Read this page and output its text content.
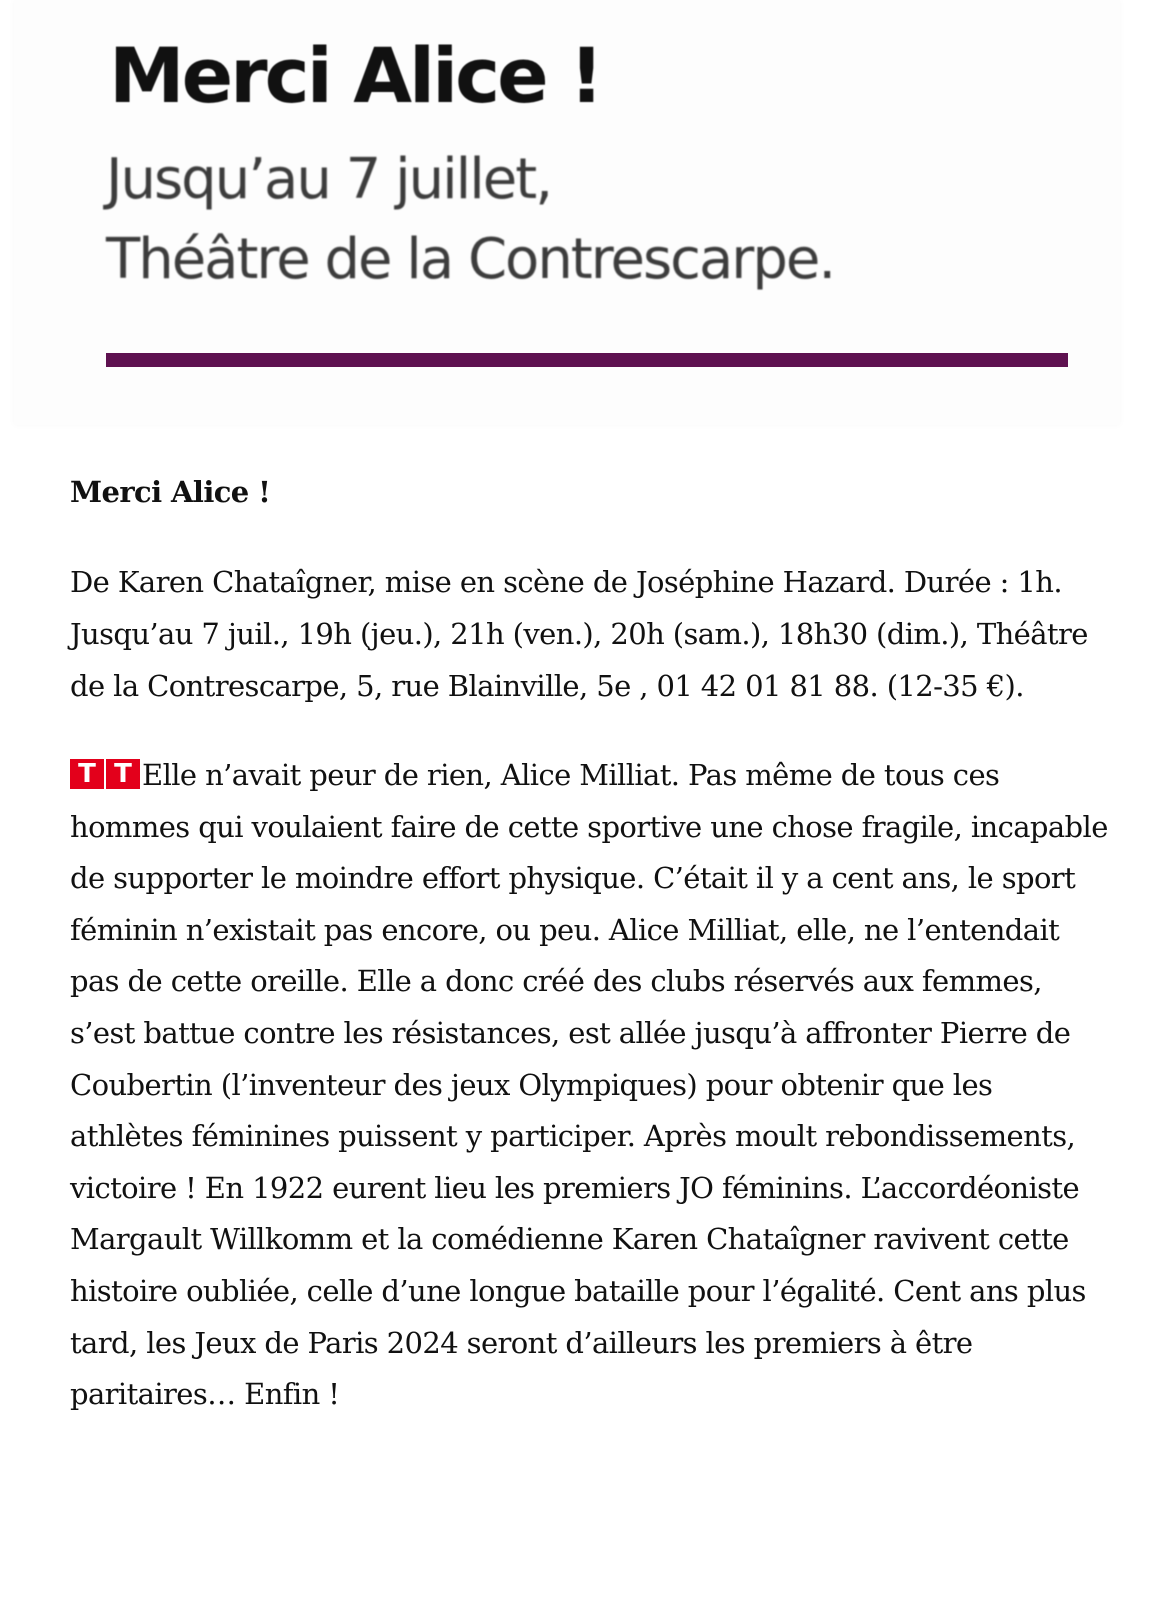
Merci Alice !

Jusqu’au 7 juillet,

Théâtre de la Contrescarpe.

Merci Alice !

De Karen Chataîgner, mise en scène de Joséphine Hazard. Durée : 1h. Jusqu’au 7 juil., 19h (jeu.), 21h (ven.), 20h (sam.), 18h30 (dim.), Théâtre de la Contrescarpe, 5, rue Blainville, 5e , 01 42 01 81 88. (12-35 €).

T T Elle n’avait peur de rien, Alice Milliat. Pas même de tous ces hommes qui voulaient faire de cette sportive une chose fragile, incapable de supporter le moindre effort physique. C’était il y a cent ans, le sport féminin n’existait pas encore, ou peu. Alice Milliat, elle, ne l’entendait pas de cette oreille. Elle a donc créé des clubs réservés aux femmes, s’est battue contre les résistances, est allée jusqu’à affronter Pierre de Coubertin (l’inventeur des jeux Olympiques) pour obtenir que les athlètes féminines puissent y participer. Après moult rebondissements, victoire ! En 1922 eurent lieu les premiers JO féminins. L’accordéoniste Margault Willkomm et la comédienne Karen Chataîgner ravivent cette histoire oubliée, celle d’une longue bataille pour l’égalité. Cent ans plus tard, les Jeux de Paris 2024 seront d’ailleurs les premiers à être paritaires… Enfin !
